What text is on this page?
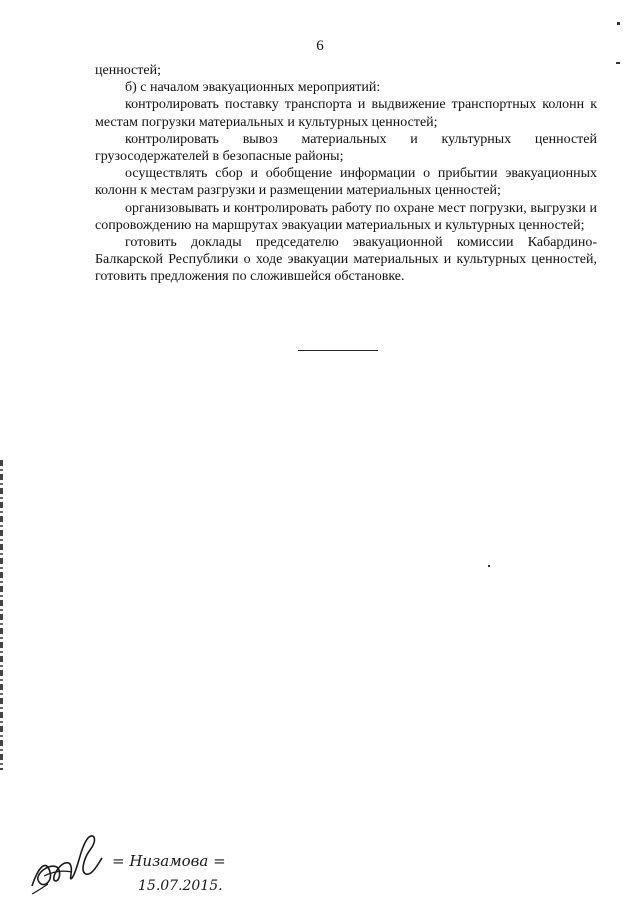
6

ценностей;

б) с началом эвакуационных мероприятий:

контролировать поставку транспорта и выдвижение транспортных колонн к местам погрузки материальных и культурных ценностей;

контролировать вывоз материальных и культурных ценностей грузосодержателей в безопасные районы;

осуществлять сбор и обобщение информации о прибытии эвакуационных колонн к местам разгрузки и размещении материальных ценностей;

организовывать и контролировать работу по охране мест погрузки, выгрузки и сопровождению на маршрутах эвакуации материальных и культурных ценностей;

готовить доклады председателю эвакуационной комиссии Кабардино-Балкарской Республики о ходе эвакуации материальных и культурных ценностей, готовить предложения по сложившейся обстановке.

= Низамова =
15.07.2015.
